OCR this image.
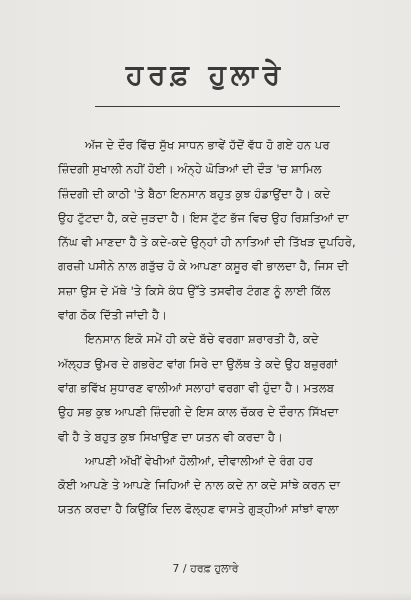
ਹਰਫ਼ ਹੁਲਾਰੇ
ਅੱਜ ਦੇ ਦੌਰ ਵਿੱਚ ਸੁੱਖ ਸਾਧਨ ਭਾਵੇਂ ਹੱਦੋਂ ਵੱਧ ਹੋ ਗਏ ਹਨ ਪਰ
ਜ਼ਿੰਦਗੀ ਸੁਖਾਲੀ ਨਹੀਂ ਹੋਈ। ਅੰਨ੍ਹੇ ਘੋੜਿਆਂ ਦੀ ਦੌੜ 'ਚ ਸ਼ਾਮਿਲ
ਜ਼ਿੰਦਗੀ ਦੀ ਕਾਠੀ 'ਤੇ ਬੈਠਾ ਇਨਸਾਨ ਬਹੁਤ ਕੁਝ ਹੰਡਾਉਂਦਾ ਹੈ। ਕਦੇ
ਉਹ ਟੁੱਟਦਾ ਹੈ, ਕਦੇ ਜੁੜਦਾ ਹੈ। ਇਸ ਟੁੱਟ ਭੱਜ ਵਿਚ ਉਹ ਰਿਸ਼ਤਿਆਂ ਦਾ
ਨਿੱਘ ਵੀ ਮਾਣਦਾ ਹੈ ਤੇ ਕਦੇ-ਕਦੇ ਉਨ੍ਹਾਂ ਹੀ ਨਾਤਿਆਂ ਦੀ ਤਿੱਖੜ ਦੁਪਹਿਰੇ,
ਗਰਜ਼ੀ ਪਸੀਨੇ ਨਾਲ ਗੜੁੱਚ ਹੋ ਕੇ ਆਪਣਾ ਕਸੂਰ ਵੀ ਭਾਲਦਾ ਹੈ, ਜਿਸ ਦੀ
ਸਜ਼ਾ ਉਸ ਦੇ ਮੱਥੇ 'ਤੇ ਕਿਸੇ ਕੰਧ ਉੱਤੇ ਤਸਵੀਰ ਟੰਗਣ ਨੂੰ ਲਾਈ ਕਿੱਲ
ਵਾਂਗ ਠੋਕ ਦਿੱਤੀ ਜਾਂਦੀ ਹੈ।
ਇਨਸਾਨ ਇਕੋ ਸਮੇਂ ਹੀ ਕਦੇ ਬੱਚੇ ਵਰਗਾ ਸ਼ਰਾਰਤੀ ਹੈ, ਕਦੇ
ਅੱਲ੍ਹੜ ਉਮਰ ਦੇ ਗਭਰੇਟ ਵਾਂਗ ਸਿਰੇ ਦਾ ਉਲੱਥ ਤੇ ਕਦੇ ਉਹ ਬਜ਼ੁਰਗਾਂ
ਵਾਂਗ ਭਵਿੱਖ ਸੁਧਾਰਣ ਵਾਲੀਆਂ ਸਲਾਹਾਂ ਵਰਗਾ ਵੀ ਹੁੰਦਾ ਹੈ। ਮਤਲਬ
ਉਹ ਸਭ ਕੁਝ ਆਪਣੀ ਜ਼ਿੰਦਗੀ ਦੇ ਇਸ ਕਾਲ ਚੱਕਰ ਦੇ ਦੌਰਾਨ ਸਿੱਖਦਾ
ਵੀ ਹੈ ਤੇ ਬਹੁਤ ਕੁਝ ਸਿਖਾਉਣ ਦਾ ਯਤਨ ਵੀ ਕਰਦਾ ਹੈ।
ਆਪਣੀ ਅੱਖੀਂ ਵੇਖੀਆਂ ਹੋਲੀਆਂ, ਦੀਵਾਲੀਆਂ ਦੇ ਰੰਗ ਹਰ
ਕੋਈ ਆਪਣੇ ਤੇ ਆਪਣੇ ਜਿਹਿਆਂ ਦੇ ਨਾਲ ਕਦੇ ਨਾ ਕਦੇ ਸਾਂਝੇ ਕਰਨ ਦਾ
ਯਤਨ ਕਰਦਾ ਹੈ ਕਿਉਂਕਿ ਦਿਲ ਫੋਲ੍ਹਣ ਵਾਸਤੇ ਗੁੜ੍ਹੀਆਂ ਸਾਂਝਾਂ ਵਾਲਾ
7 / ਹਰਫ਼ ਹੁਲਾਰੇ
